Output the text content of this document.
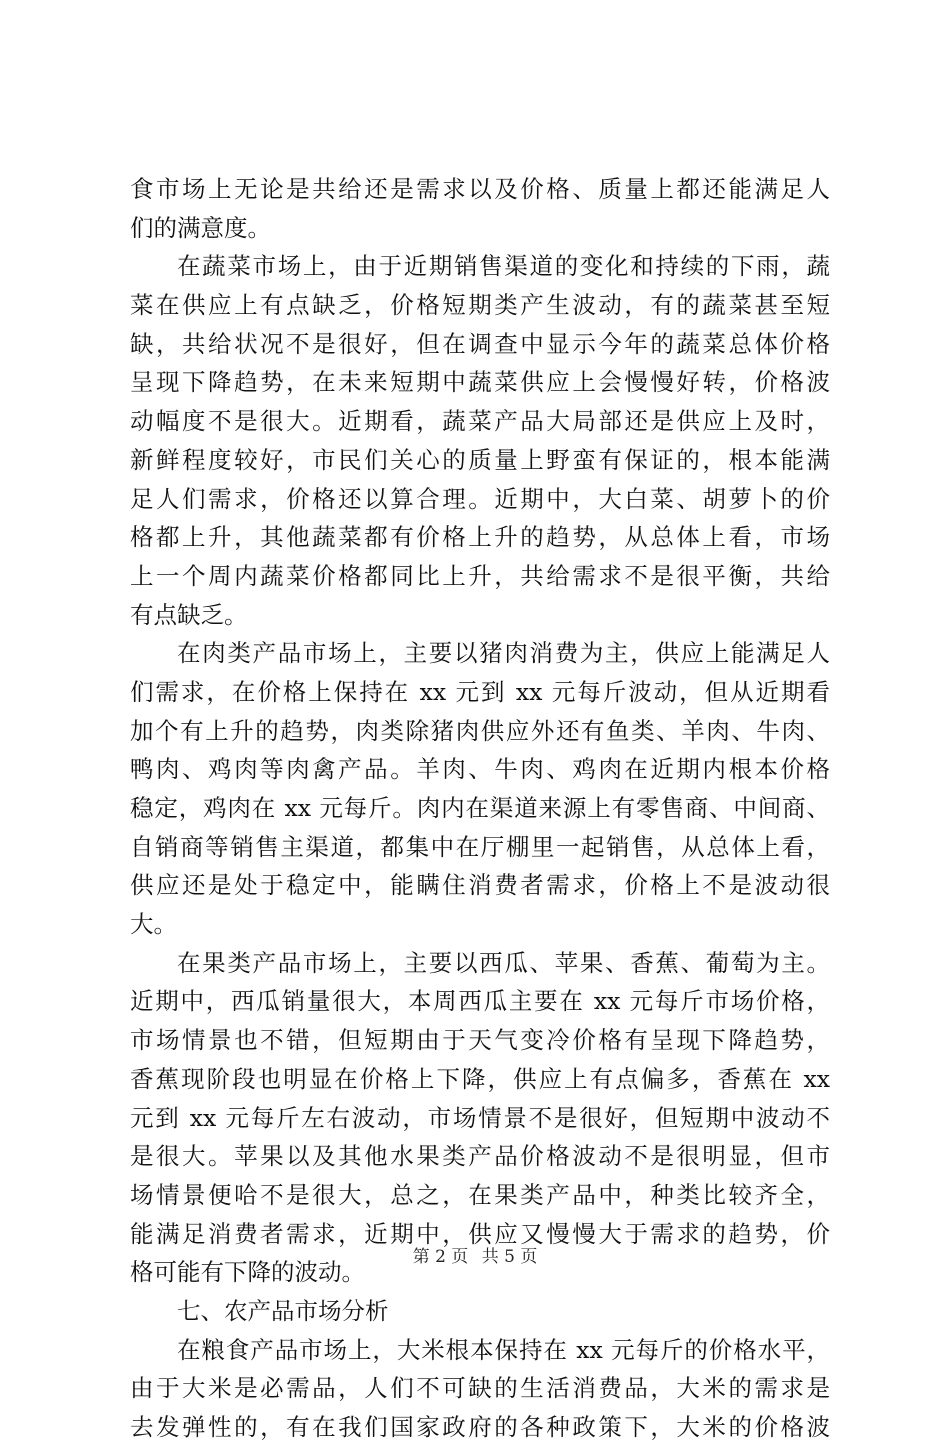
食市场上无论是共给还是需求以及价格、质量上都还能满足人
们的满意度。
在蔬菜市场上，由于近期销售渠道的变化和持续的下雨，蔬
菜在供应上有点缺乏，价格短期类产生波动，有的蔬菜甚至短
缺，共给状况不是很好，但在调查中显示今年的蔬菜总体价格
呈现下降趋势，在未来短期中蔬菜供应上会慢慢好转，价格波
动幅度不是很大。近期看，蔬菜产品大局部还是供应上及时，
新鲜程度较好，市民们关心的质量上野蛮有保证的，根本能满
足人们需求，价格还以算合理。近期中，大白菜、胡萝卜的价
格都上升，其他蔬菜都有价格上升的趋势，从总体上看，市场
上一个周内蔬菜价格都同比上升，共给需求不是很平衡，共给
有点缺乏。
在肉类产品市场上，主要以猪肉消费为主，供应上能满足人
们需求，在价格上保持在 xx 元到 xx 元每斤波动，但从近期看
加个有上升的趋势，肉类除猪肉供应外还有鱼类、羊肉、牛肉、
鸭肉、鸡肉等肉禽产品。羊肉、牛肉、鸡肉在近期内根本价格
稳定，鸡肉在 xx 元每斤。肉内在渠道来源上有零售商、中间商、
自销商等销售主渠道，都集中在厅棚里一起销售，从总体上看，
供应还是处于稳定中，能瞒住消费者需求，价格上不是波动很
大。
在果类产品市场上，主要以西瓜、苹果、香蕉、葡萄为主。
近期中，西瓜销量很大，本周西瓜主要在 xx 元每斤市场价格，
市场情景也不错，但短期由于天气变冷价格有呈现下降趋势，
香蕉现阶段也明显在价格上下降，供应上有点偏多，香蕉在 xx
元到 xx 元每斤左右波动，市场情景不是很好，但短期中波动不
是很大。苹果以及其他水果类产品价格波动不是很明显，但市
场情景便哈不是很大，总之，在果类产品中，种类比较齐全，
能满足消费者需求，近期中，供应又慢慢大于需求的趋势，价
格可能有下降的波动。
七、农产品市场分析
在粮食产品市场上，大米根本保持在 xx 元每斤的价格水平，
由于大米是必需品，人们不可缺的生活消费品，大米的需求是
去发弹性的，有在我们国家政府的各种政策下，大米的价格波
第 2 页 共 5 页
